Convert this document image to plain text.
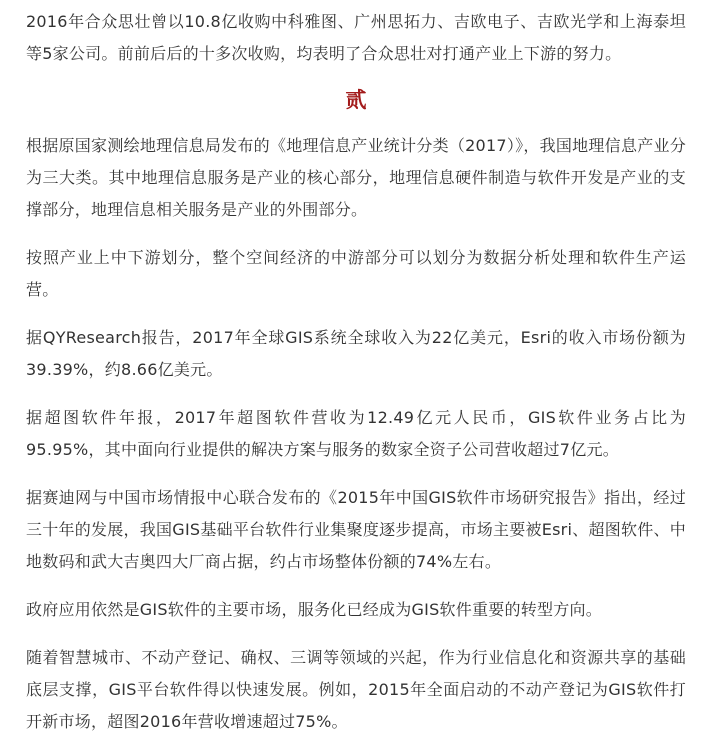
2016年合众思壮曾以10.8亿收购中科雅图、广州思拓力、吉欧电子、吉欧光学和上海泰坦等5家公司。前前后后的十多次收购，均表明了合众思壮对打通产业上下游的努力。

贰

根据原国家测绘地理信息局发布的《地理信息产业统计分类（2017）》，我国地理信息产业分为三大类。其中地理信息服务是产业的核心部分，地理信息硬件制造与软件开发是产业的支撑部分，地理信息相关服务是产业的外围部分。

按照产业上中下游划分，整个空间经济的中游部分可以划分为数据分析处理和软件生产运营。

据QYResearch报告，2017年全球GIS系统全球收入为22亿美元，Esri的收入市场份额为39.39%，约8.66亿美元。

据超图软件年报，2017年超图软件营收为12.49亿元人民币，GIS软件业务占比为95.95%，其中面向行业提供的解决方案与服务的数家全资子公司营收超过7亿元。

据赛迪网与中国市场情报中心联合发布的《2015年中国GIS软件市场研究报告》指出，经过三十年的发展，我国GIS基础平台软件行业集聚度逐步提高，市场主要被Esri、超图软件、中地数码和武大吉奥四大厂商占据，约占市场整体份额的74%左右。

政府应用依然是GIS软件的主要市场，服务化已经成为GIS软件重要的转型方向。

随着智慧城市、不动产登记、确权、三调等领域的兴起，作为行业信息化和资源共享的基础底层支撑，GIS平台软件得以快速发展。例如，2015年全面启动的不动产登记为GIS软件打开新市场，超图2016年营收增速超过75%。
